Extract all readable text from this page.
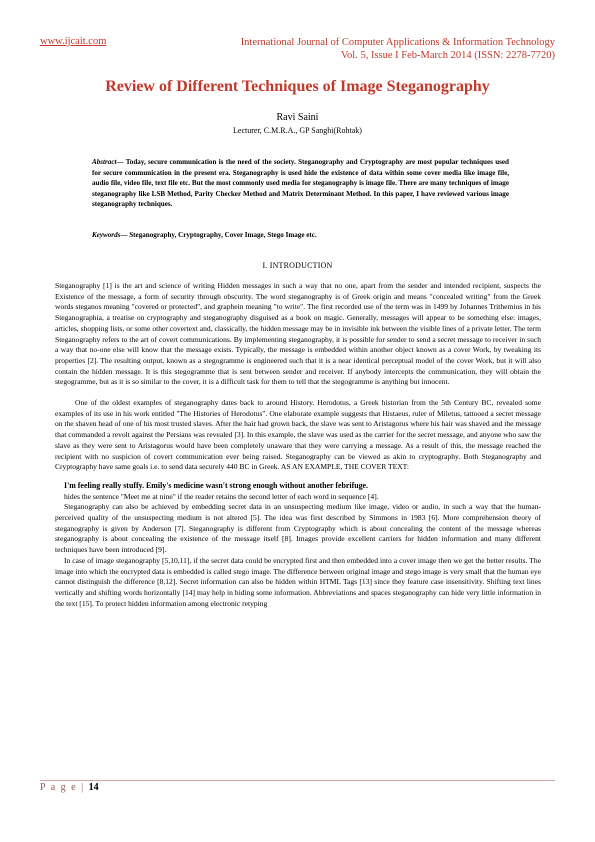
www.ijcait.com	International Journal of Computer Applications & Information Technology
Vol. 5, Issue I Feb-March 2014 (ISSN: 2278-7720)
Review of Different Techniques of Image Steganography
Ravi Saini
Lecturer, C.M.R.A., GP Sanghi(Rohtak)
Abstract— Today, secure communication is the need of the society. Steganography and Cryptography are most popular techniques used for secure communication in the present era. Steganography is used hide the existence of data within some cover media like image file, audio file, video file, text file etc. But the most commonly used media for steganography is image file. There are many techniques of image steganography like LSB Method, Parity Checker Method and Matrix Determinant Method. In this paper, I have reviewed various image steganography techniques.
Keywords— Steganography, Cryptography, Cover Image, Stego Image etc.
I. INTRODUCTION

Steganography [1] is the art and science of writing Hidden messages in such a way that no one, apart from the sender and intended recipient, suspects the Existence of the message, a form of security through obscurity. The word steganography is of Greek origin and means "concealed writing" from the Greek words steganos meaning "covered or protected", and graphein meaning "to write". The first recorded use of the term was in 1499 by Johannes Trithemius in his Steganographia, a treatise on cryptography and steganography disguised as a book on magic. Generally, messages will appear to be something else: images, articles, shopping lists, or some other covertext and, classically, the hidden message may be in invisible ink between the visible lines of a private letter. The term Steganography refers to the art of covert communications. By implementing steganography, it is possible for sender to send a secret message to receiver in such a way that no-one else will know that the message exists. Typically, the message is embedded within another object known as a cover Work, by tweaking its properties [2]. The resulting output, known as a stegogramme is engineered such that it is a near identical perceptual model of the cover Work, but it will also contain the hidden message. It is this stegogramme that is sent between sender and receiver. If anybody intercepts the communication, they will obtain the stegogramme, but as it is so similar to the cover, it is a difficult task for them to tell that the stegogramme is anything but innocent.

One of the oldest examples of steganography dates back to around History. Herodotus, a Greek historian from the 5th Century BC, revealed some examples of its use in his work entitled "The Histories of Herodotus". One elaborate example suggests that Histaeus, ruler of Miletus, tattooed a secret message on the shaven head of one of his most trusted slaves. After the hair had grown back, the slave was sent to Aristagorus where his hair was shaved and the message that commanded a revolt against the Persians was revealed [3]. In this example, the slave was used as the carrier for the secret message, and anyone who saw the slave as they were sent to Aristagorus would have been completely unaware that they were carrying a message. As a result of this, the message reached the recipient with no suspicion of covert communication ever being raised. Steganography can be viewed as akin to cryptography. Both Steganography and Cryptography have same goals i.e. to send data securely 440 BC in Greek. AS AN EXAMPLE, THE COVER TEXT:

I'm feeling really stuffy. Emily's medicine wasn't strong enough without another febrifuge.

hides the sentence "Meet me at nine" if the reader retains the second letter of each word in sequence [4].

Steganography can also be achieved by embedding secret data in an unsuspecting medium like image, video or audio, in such a way that the human-perceived quality of the unsuspecting medium is not altered [5]. The idea was first described by Simmons in 1983 [6]. More comprehension theory of steganography is given by Anderson [7]. Steganography is different from Cryptography which is about concealing the content of the message whereas steganography is about concealing the existence of the message itself [8]. Images provide excellent carriers for hidden information and many different techniques have been introduced [9].

In case of image steganography [5,10,11], if the secret data could be encrypted first and then embedded into a cover image then we get the better results. The image into which the encrypted data is embedded is called stego image. The difference between original image and stego image is very small that the human eye cannot distinguish the difference [8,12]. Secret information can also be hidden within HTML Tags [13] since they feature case insensitivity. Shifting text lines vertically and shifting words horizontally [14] may help in hiding some information. Abbreviations and spaces steganography can hide very little information in the text [15]. To protect hidden information among electronic retyping

P a g e | 14
